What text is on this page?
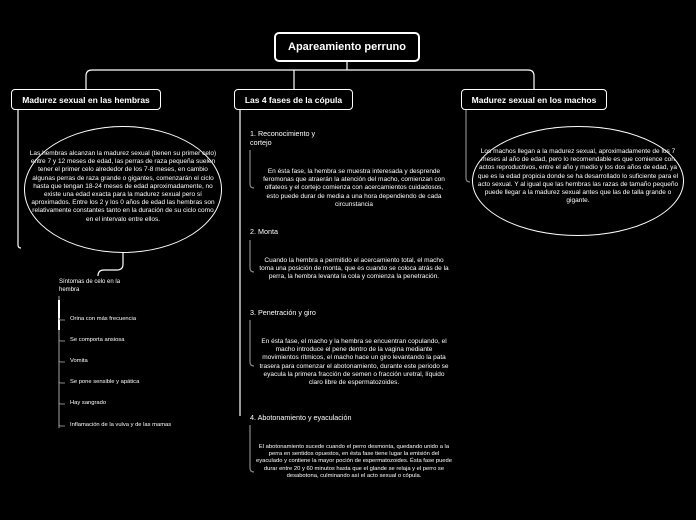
Apareamiento perruno
Madurez sexual en las hembras	Las 4 fases de la cópula	Madurez sexual en los machos
Las hembras alcanzan la madurez sexual (tienen su primer celo) entre 7 y 12 meses de edad, las perras de raza pequeña suelen tener el primer celo alrededor de los 7-8 meses, en cambio algunas perras de raza grande o gigantes, comenzarán el ciclo hasta que tengan 18-24 meses de edad aproximadamente, no existe una edad exacta para la madurez sexual pero sí aproximados. Entre los 2 y los 0 años de edad las hembras son relativamente constantes tanto en la duración de su ciclo como en el intervalo entre ellos.
Los machos llegan a la madurez sexual, aproximadamente de los 7 meses al año de edad, pero lo recomendable es que comience con actos reproductivos, entre el año y medio y los dos años de edad, ya que es la edad propicia donde se ha desarrollado lo suficiente para el acto sexual. Y al igual que las hembras las razas de tamaño pequeño puede llegar a la madurez sexual antes que las de talla grande o gigante.
Síntomas de celo en la hembra
Orina con más frecuencia
Se comporta ansiosa
Vomita
Se pone sensible y apática
Hay sangrado
Inflamación de la vulva y de las mamas
1. Reconocimiento y cortejo
En ésta fase, la hembra se muestra interesada y desprende feromonas que atraerán la atención del macho, comienzan con olfateos y el cortejo comienza con acercamientos cuidadosos, esto puede durar de media a una hora dependiendo de cada circunstancia
2. Monta
Cuando la hembra a permitido el acercamiento total, el macho toma una posición de monta, que es cuando se coloca atrás de la perra, la hembra levanta la cola y comienza la penetración.
3. Penetración y giro
En ésta fase, el macho y la hembra se encuentran copulando, el macho introduce el pene dentro de la vagina mediante movimientos rítmicos, el macho hace un giro levantando la pata trasera para comenzar el abotonamiento, durante este periodo se eyacula la primera fracción de semen o fracción uretral, líquido claro libre de espermatozoides.
4. Abotonamiento y eyaculación
El abotonamiento sucede cuando el perro desmonta, quedando unido a la perra en sentidos opuestos, en ésta fase tiene lugar la emisión del eyaculado y contiene la mayor poción de espermatozoides. Ésta fase puede durar entre 20 y 60 minutos hasta que el glande se relaja y el perro se desabotona, culminando así el acto sexual o cópula.
